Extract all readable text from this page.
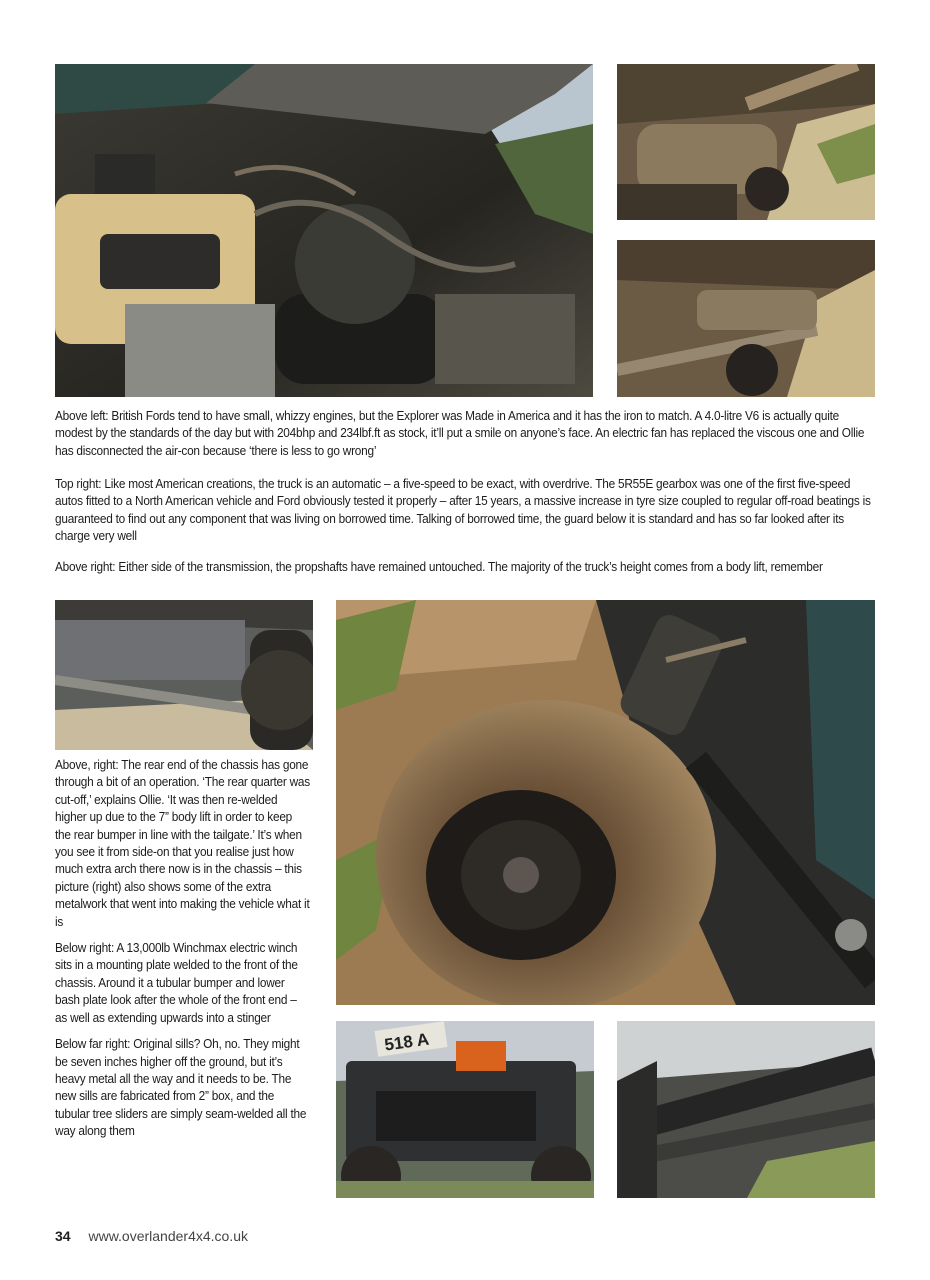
Above left: British Fords tend to have small, whizzy engines, but the Explorer was Made in America and it has the iron to match. A 4.0-litre V6 is actually quite modest by the standards of the day but with 204bhp and 234lbf.ft as stock, it’ll put a smile on anyone’s face. An electric fan has replaced the viscous one and Ollie has disconnected the air-con because ‘there is less to go wrong’
Top right: Like most American creations, the truck is an automatic – a five-speed to be exact, with overdrive. The 5R55E gearbox was one of the first five-speed autos fitted to a North American vehicle and Ford obviously tested it properly – after 15 years, a massive increase in tyre size coupled to regular off-road beatings is guaranteed to find out any component that was living on borrowed time. Talking of borrowed time, the guard below it is standard and has so far looked after its charge very well
Above right: Either side of the transmission, the propshafts have remained untouched. The majority of the truck’s height comes from a body lift, remember

Above, right: The rear end of the chassis has gone through a bit of an operation. ‘The rear quarter was cut-off,’ explains Ollie. ‘It was then re-welded higher up due to the 7” body lift in order to keep the rear bumper in line with the tailgate.’ It’s when you see it from side-on that you realise just how much extra arch there now is in the chassis – this picture (right) also shows some of the extra metalwork that went into making the vehicle what it is

Below right: A 13,000lb Winchmax electric winch sits in a mounting plate welded to the front of the chassis. Around it a tubular bumper and lower bash plate look after the whole of the front end – as well as extending upwards into a stinger

Below far right: Original sills? Oh, no. They might be seven inches higher off the ground, but it’s heavy metal all the way and it needs to be. The new sills are fabricated from 2” box, and the tubular tree sliders are simply seam-welded all the way along them

518 A
34 www.overlander4x4.co.uk
